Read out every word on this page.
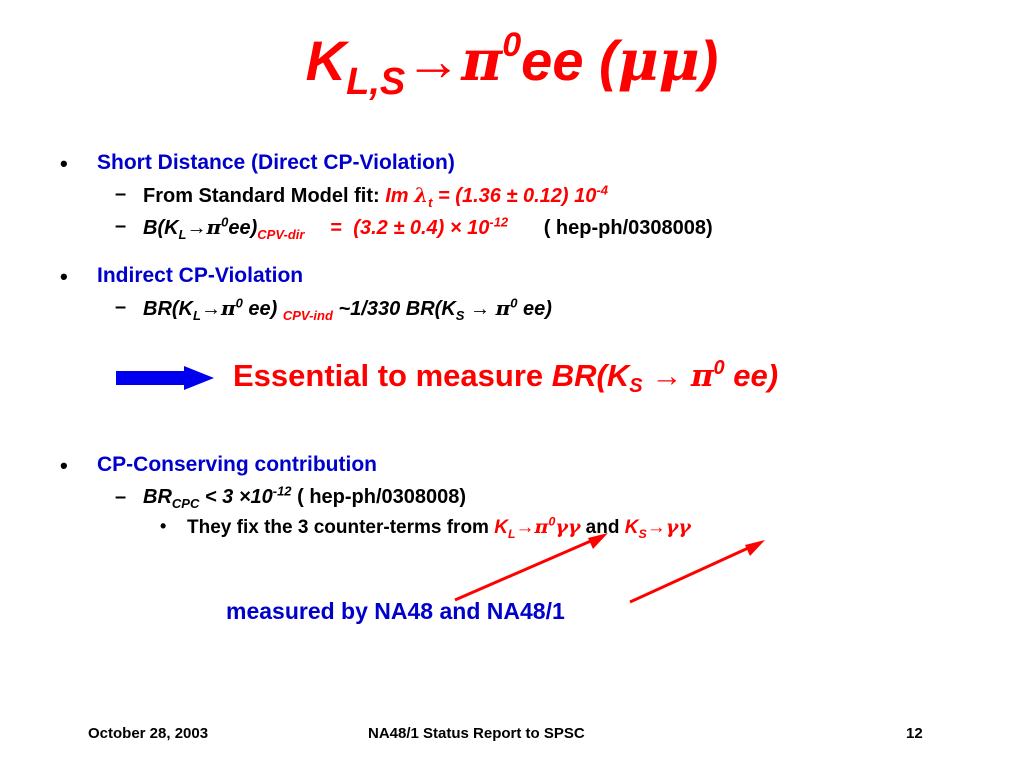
$K_{L,S}\to\pi^0ee$ (μμ)
• Short Distance (Direct CP-Violation)
– From Standard Model fit: Im $\lambda_t = (1.36 \pm 0.12)$ $10^{-4}$
– $B(K_L\to\pi^0ee)_{CPV-dir} = (3.2 \pm 0.4) \times 10^{-12}$ ( hep-ph/0308008)
• Indirect CP-Violation
– $BR(K_L\to\pi^0$ ee) $_{CPV-ind}$ ~1/330 $BR(K_S \to \pi^0$ ee)
Essential to measure $BR(K_S \to \pi^0$ ee)
• CP-Conserving contribution
– $BR_{CPC} < 3 \times 10^{-12}$ ( hep-ph/0308008)
• They fix the 3 counter-terms from $K_L\to\pi^0\gamma\gamma$ and $K_S\to\gamma\gamma$
measured by NA48 and NA48/1
October 28, 2003	NA48/1 Status Report to SPSC	12
